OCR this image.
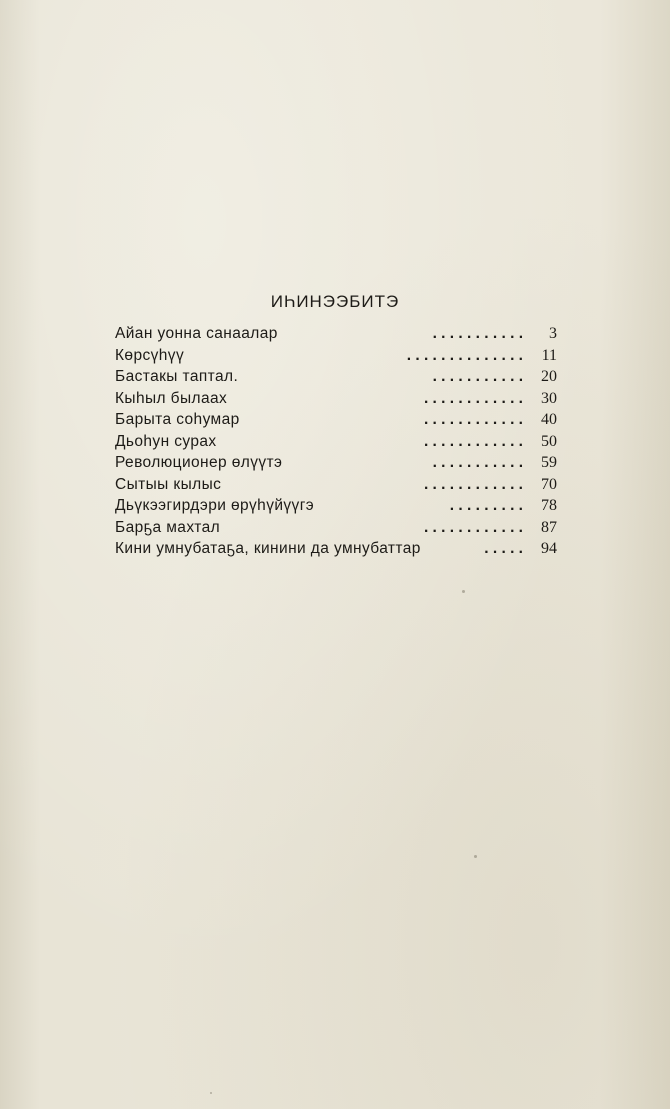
ИҺИНЭЭБИТЭ
Айан уонна санаалар	. . . . . . . . . . . 3
Көрсүһүү	. . . . . . . . . . . . . . 11
Бастакы таптал.	. . . . . . . . . . . 20
Кыһыл былаах	. . . . . . . . . . . . 30
Барыта соһумар	. . . . . . . . . . . . 40
Дьоһун сурах	. . . . . . . . . . . . 50
Революционер өлүүтэ	. . . . . . . . . . . 59
Сытыы кылыс	. . . . . . . . . . . . 70
Дьүкээгирдэри өрүһүйүүгэ	. . . . . . . . . 78
Барҕа махтал	. . . . . . . . . . . . 87
Кини умнубатаҕа, кинини да умнубаттар	. . . . . 94
